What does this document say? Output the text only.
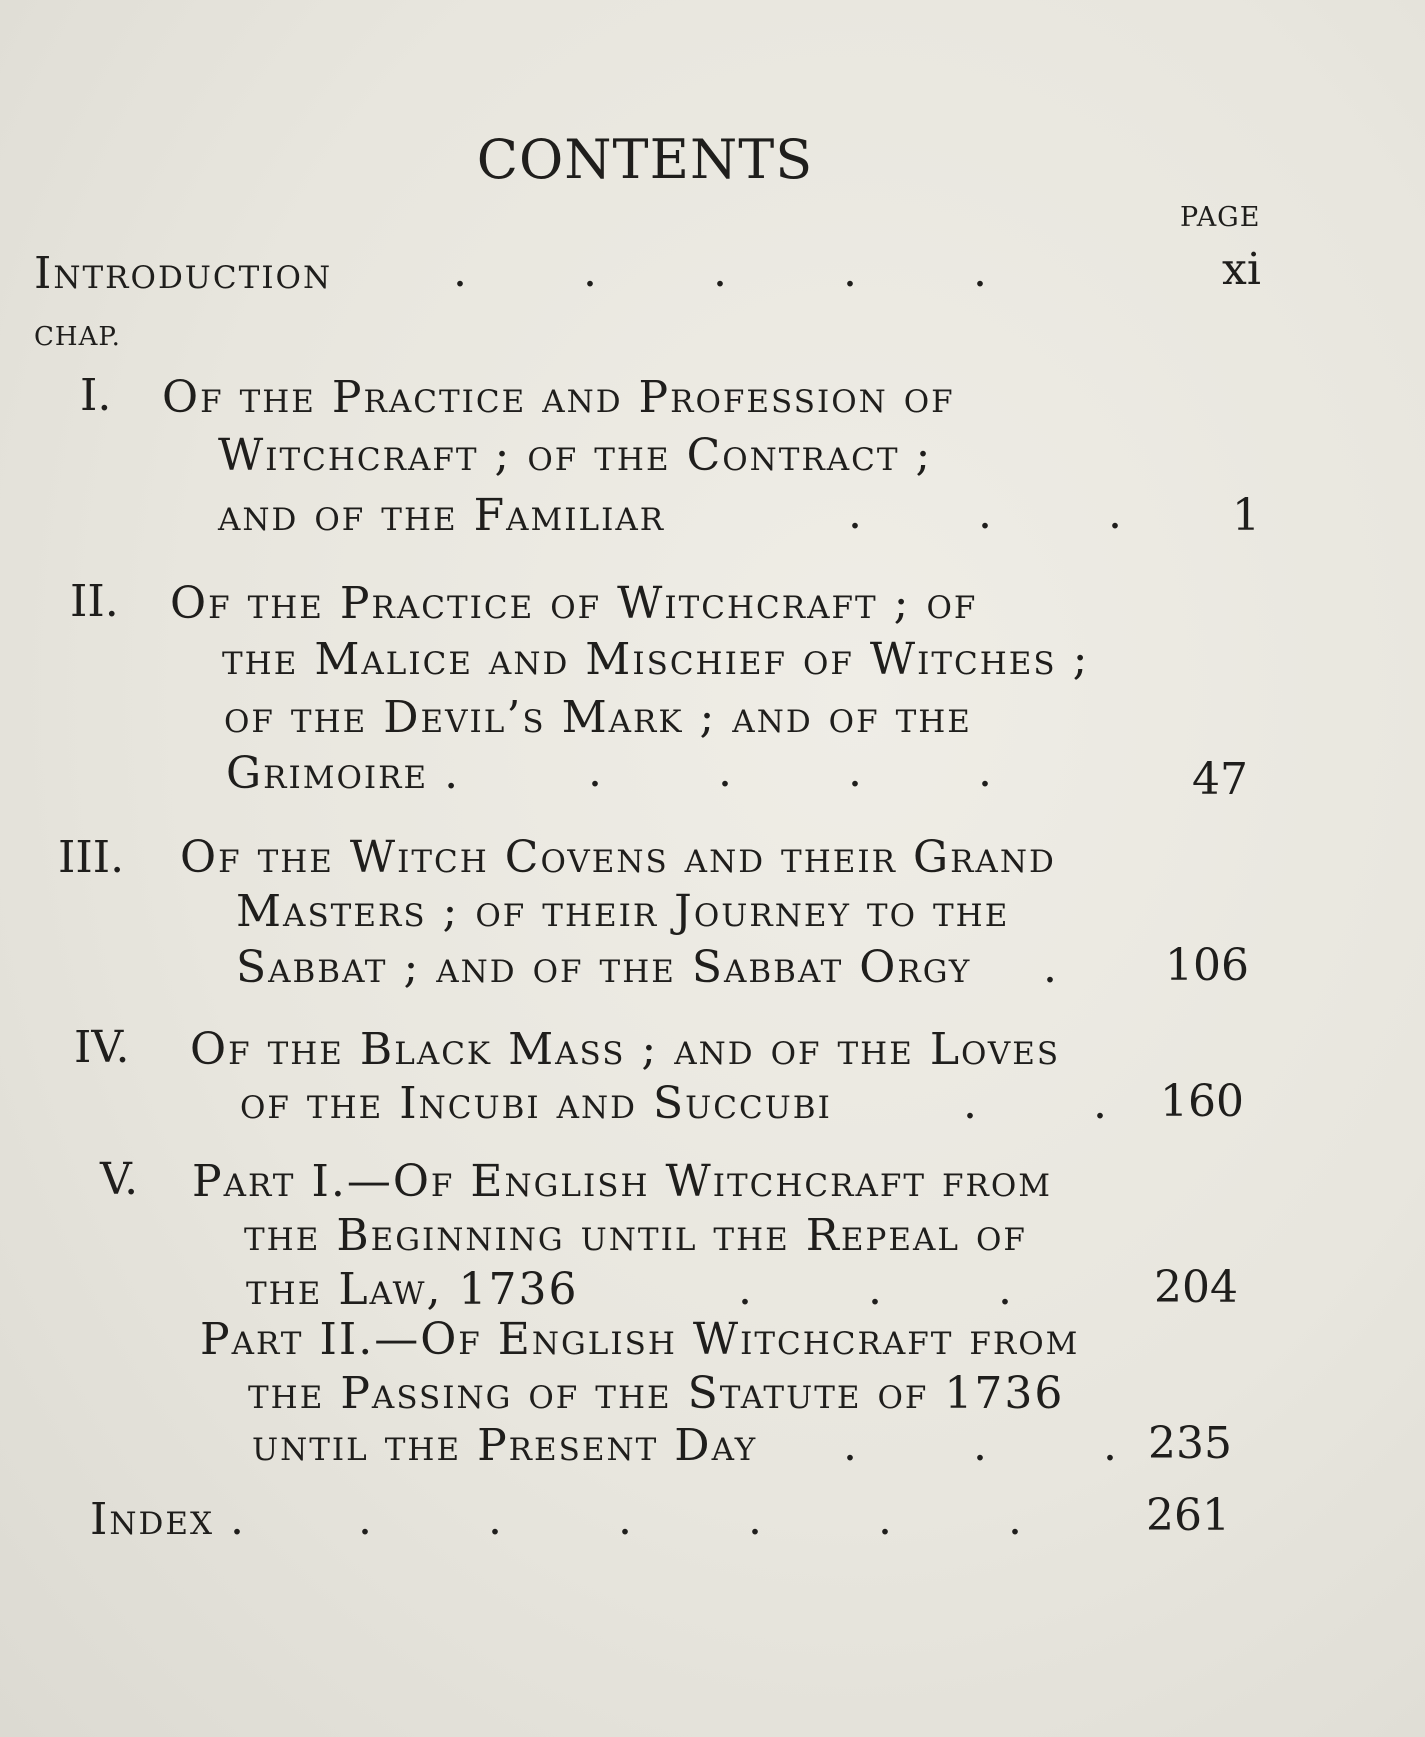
CONTENTS
PAGE
Introduction	.	.	.	.	.	xi
CHAP.
I. Of the Practice and Profession of
Witchcraft ; of the Contract ;
and of the Familiar	.	.	.	1
II. Of the Practice of Witchcraft ; of
the Malice and Mischief of Witches ;
of the Devil’s Mark ; and of the
Grimoire .	.	.	.	.	47
III. Of the Witch Covens and their Grand
Masters ; of their Journey to the
Sabbat ; and of the Sabbat Orgy . 106
IV. Of the Black Mass ; and of the Loves
of the Incubi and Succubi	.	.	160
V. Part I.—Of English Witchcraft from
the Beginning until the Repeal of
the Law, 1736	.	.	.	204
Part II.—Of English Witchcraft from
the Passing of the Statute of 1736
until the Present Day	.	.	. 235
Index .	.	.	.	.	.	.	261
